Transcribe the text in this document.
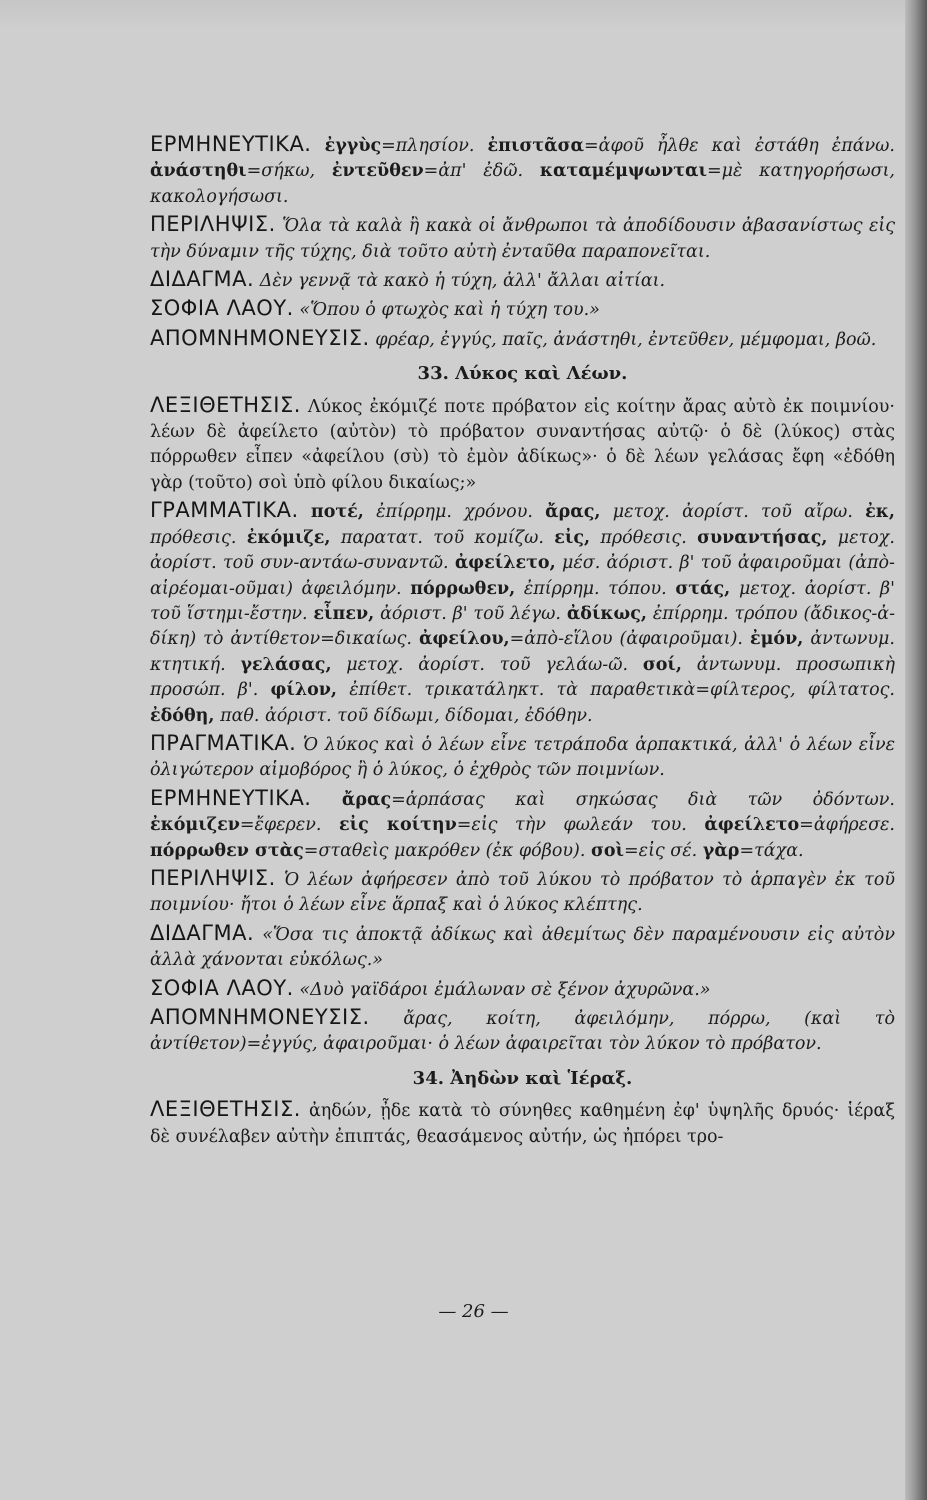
ΕΡΜΗΝΕΥΤΙΚΑ. ἐγγὺς=πλησίον. ἐπιστᾶσα=ἀφοῦ ἦλθε καὶ ἐστάθη ἐπάνω. ἀνάστηθι=σήκω, ἐντεῦθεν=ἀπ' ἐδῶ. καταμέμψωνται=μὲ κατηγορήσωσι, κακολογήσωσι.

ΠΕΡΙΛΗΨΙΣ. Ὅλα τὰ καλὰ ἢ κακὰ οἱ ἄνθρωποι τὰ ἀποδίδουσιν ἀβασανίστως εἰς τὴν δύναμιν τῆς τύχης, διὰ τοῦτο αὐτὴ ἐνταῦθα παραπονεῖται.

ΔΙΔΑΓΜΑ. Δὲν γεννᾷ τὰ κακὸ ἡ τύχη, ἀλλ' ἄλλαι αἰτίαι.

ΣΟΦΙΑ ΛΑΟΥ. «Ὅπου ὁ φτωχὸς καὶ ἡ τύχη του.»

ΑΠΟΜΝΗΜΟΝΕΥΣΙΣ. φρέαρ, ἐγγύς, παῖς, ἀνάστηθι, ἐντεῦθεν, μέμφομαι, βοῶ.

33. Λύκος καὶ Λέων.

ΛΕΞΙΘΕΤΗΣΙΣ. Λύκος ἐκόμιζέ ποτε πρόβατον εἰς κοίτην ἄρας αὐτὸ ἐκ ποιμνίου· λέων δὲ ἀφείλετο (αὐτὸν) τὸ πρόβατον συναντήσας αὐτῷ· ὁ δὲ (λύκος) στὰς πόρρωθεν εἶπεν «ἀφείλου (σὺ) τὸ ἐμὸν ἀδίκως»· ὁ δὲ λέων γελάσας ἔφη «ἐδόθη γὰρ (τοῦτο) σοὶ ὑπὸ φίλου δικαίως;»

ΓΡΑΜΜΑΤΙΚΑ. ποτέ, ἐπίρρημ. χρόνου. ἄρας, μετοχ. ἀορίστ. τοῦ αἴρω. ἐκ, πρόθεσις. ἐκόμιζε, παρατατ. τοῦ κομίζω. εἰς, πρόθεσις. συναντήσας, μετοχ. ἀορίστ. τοῦ συν-αντάω-συναντῶ. ἀφείλετο, μέσ. ἀόριστ. β' τοῦ ἀφαιροῦμαι (ἀπὸ-αἱρέομαι-οῦμαι) ἀφειλόμην. πόρρωθεν, ἐπίρρημ. τόπου. στάς, μετοχ. ἀορίστ. β' τοῦ ἵστημι-ἔστην. εἶπεν, ἀόριστ. β' τοῦ λέγω. ἀδίκως, ἐπίρρημ. τρόπου (ἄδικος-ἀ-δίκη) τὸ ἀντίθετον=δικαίως. ἀφείλου,=ἀπὸ-εἵλου (ἀφαιροῦμαι). ἐμόν, ἀντωνυμ. κτητική. γελάσας, μετοχ. ἀορίστ. τοῦ γελάω-ῶ. σοί, ἀντωνυμ. προσωπικὴ προσώπ. β'. φίλον, ἐπίθετ. τρικατάληκτ. τὰ παραθετικὰ=φίλτερος, φίλτατος. ἐδόθη, παθ. ἀόριστ. τοῦ δίδωμι, δίδομαι, ἐδόθην.

ΠΡΑΓΜΑΤΙΚΑ. Ὁ λύκος καὶ ὁ λέων εἶνε τετράποδα ἁρπακτικά, ἀλλ' ὁ λέων εἶνε ὀλιγώτερον αἱμοβόρος ἢ ὁ λύκος, ὁ ἐχθρὸς τῶν ποιμνίων.

ΕΡΜΗΝΕΥΤΙΚΑ. ἄρας=ἁρπάσας καὶ σηκώσας διὰ τῶν ὀδόντων. ἐκόμιζεν=ἔφερεν. εἰς κοίτην=εἰς τὴν φωλεάν του. ἀφείλετο=ἀφήρεσε. πόρρωθεν στὰς=σταθεὶς μακρόθεν (ἐκ φόβου). σοὶ=εἰς σέ. γὰρ=τάχα.

ΠΕΡΙΛΗΨΙΣ. Ὁ λέων ἀφήρεσεν ἀπὸ τοῦ λύκου τὸ πρόβατον τὸ ἁρπαγὲν ἐκ τοῦ ποιμνίου· ἤτοι ὁ λέων εἶνε ἅρπαξ καὶ ὁ λύκος κλέπτης.

ΔΙΔΑΓΜΑ. «Ὅσα τις ἀποκτᾷ ἀδίκως καὶ ἀθεμίτως δὲν παραμένουσιν εἰς αὐτὸν ἀλλὰ χάνονται εὐκόλως.»

ΣΟΦΙΑ ΛΑΟΥ. «Δυὸ γαϊδάροι ἐμάλωναν σὲ ξένον ἀχυρῶνα.»

ΑΠΟΜΝΗΜΟΝΕΥΣΙΣ. ἄρας, κοίτη, ἀφειλόμην, πόρρω, (καὶ τὸ ἀντίθετον)=ἐγγύς, ἀφαιροῦμαι· ὁ λέων ἀφαιρεῖται τὸν λύκον τὸ πρόβατον.

34. Ἀηδὼν καὶ Ἱέραξ.

ΛΕΞΙΘΕΤΗΣΙΣ. ἀηδών, ᾖδε κατὰ τὸ σύνηθες καθημένη ἐφ' ὑψηλῆς δρυός· ἱέραξ δὲ συνέλαβεν αὐτὴν ἐπιπτάς, θεασάμενος αὐτήν, ὡς ἠπόρει τρο-

— 26 —
